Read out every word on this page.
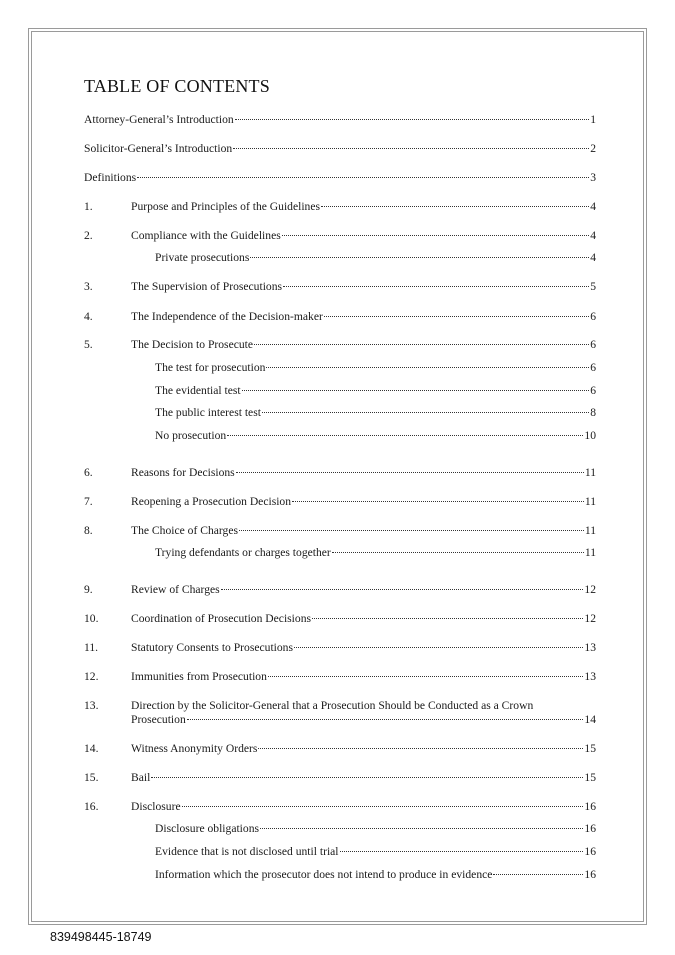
TABLE OF CONTENTS
Attorney-General’s Introduction	1
Solicitor-General’s Introduction	2
Definitions	3
1.	Purpose and Principles of the Guidelines	4
2.	Compliance with the Guidelines	4
Private prosecutions	4
3.	The Supervision of Prosecutions	5
4.	The Independence of the Decision-maker	6
5.	The Decision to Prosecute	6
The test for prosecution	6
The evidential test	6
The public interest test	8
No prosecution	10
6.	Reasons for Decisions	11
7.	Reopening a Prosecution Decision	11
8.	The Choice of Charges	11
Trying defendants or charges together	11
9.	Review of Charges	12
10.	Coordination of Prosecution Decisions	12
11.	Statutory Consents to Prosecutions	13
12.	Immunities from Prosecution	13
13.	Direction by the Solicitor-General that a Prosecution Should be Conducted as a Crown
Prosecution	14
14.	Witness Anonymity Orders	15
15.	Bail	15
16.	Disclosure	16
Disclosure obligations	16
Evidence that is not disclosed until trial	16
Information which the prosecutor does not intend to produce in evidence	16
839498445-18749
